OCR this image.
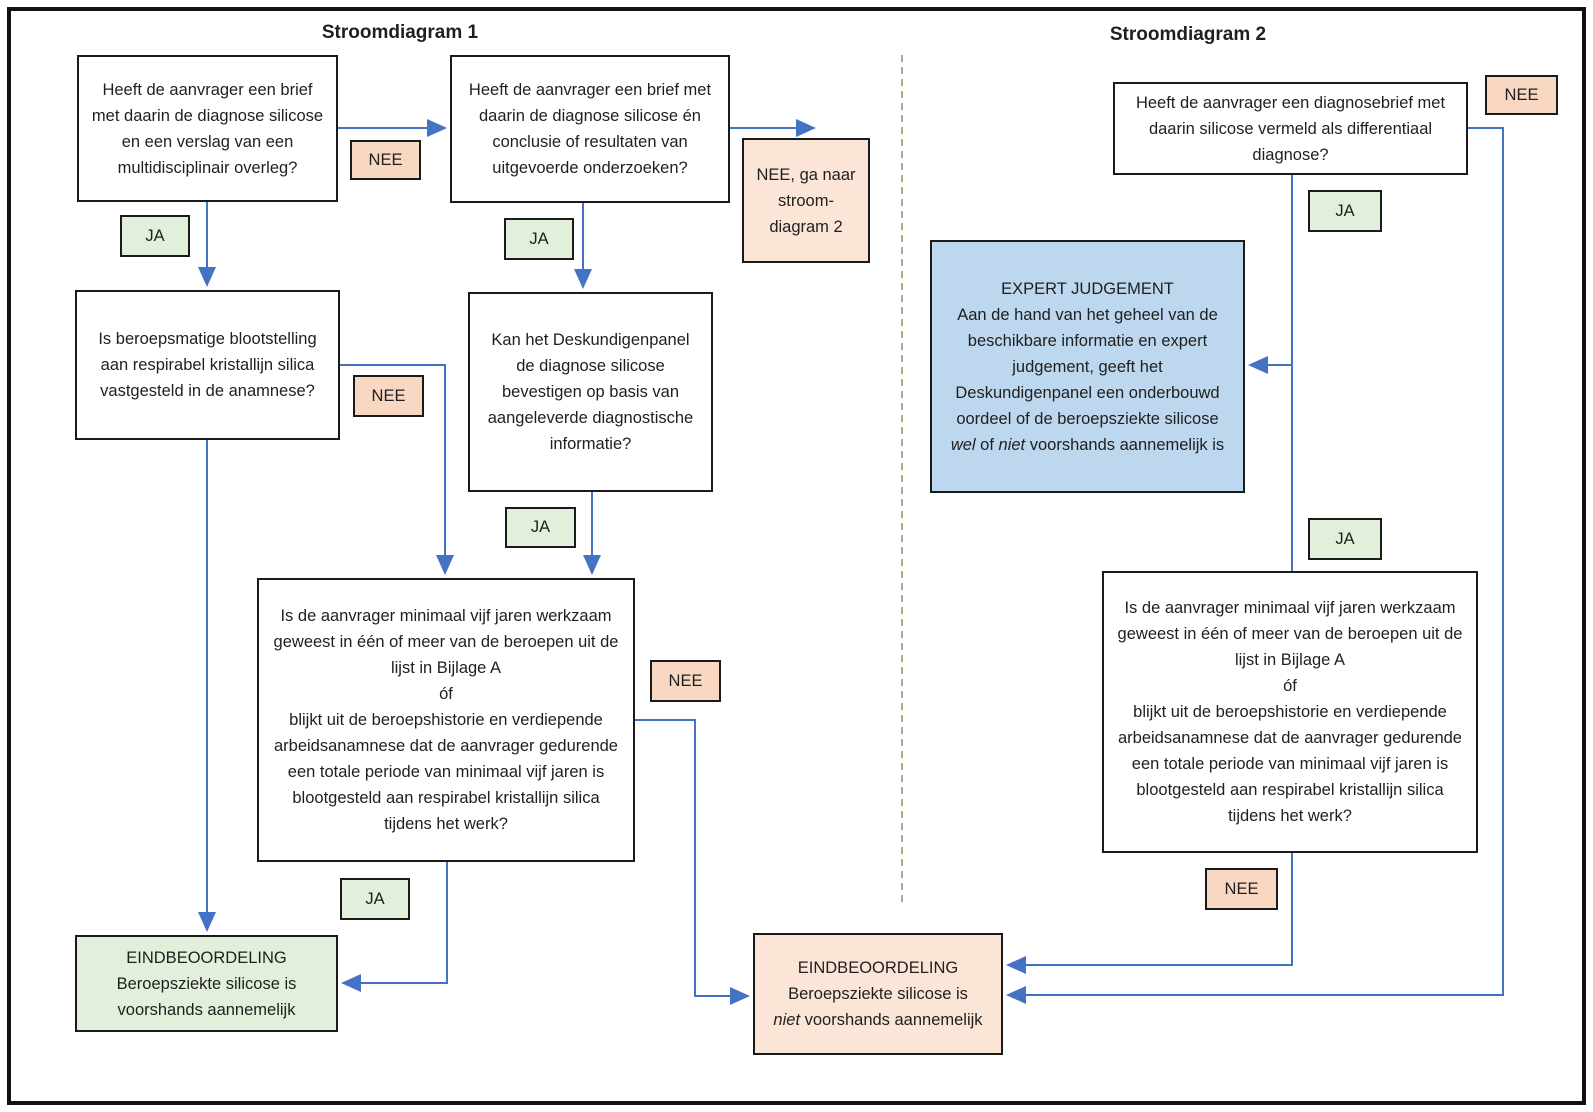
Stroomdiagram 1	Stroomdiagram 2
Heeft de aanvrager een brief met daarin de diagnose silicose en een verslag van een multidisciplinair overleg?
Heeft de aanvrager een brief met daarin de diagnose silicose én conclusie of resultaten van uitgevoerde onderzoeken?	NEE, ga naar stroom-diagram 2
Is beroepsmatige blootstelling aan respirabel kristallijn silica vastgesteld in de anamnese?
Kan het Deskundigenpanel de diagnose silicose bevestigen op basis van aangeleverde diagnostische informatie?
Is de aanvrager minimaal vijf jaren werkzaam geweest in één of meer van de beroepen uit de lijst in Bijlage A
óf
blijkt uit de beroepshistorie en verdiepende arbeidsanamnese dat de aanvrager gedurende een totale periode van minimaal vijf jaren is blootgesteld aan respirabel kristallijn silica tijdens het werk?
EINDBEOORDELING
Beroepsziekte silicose is voorshands aannemelijk
EINDBEOORDELING
Beroepsziekte silicose is
niet voorshands aannemelijk
JA
NEE
JA
NEE
JA
NEE
JA
Heeft de aanvrager een diagnosebrief met daarin silicose vermeld als differentiaal diagnose?
EXPERT JUDGEMENT
Aan de hand van het geheel van de beschikbare informatie en expert judgement, geeft het Deskundigenpanel een onderbouwd oordeel of de beroepsziekte silicose wel of niet voorshands aannemelijk is
Is de aanvrager minimaal vijf jaren werkzaam geweest in één of meer van de beroepen uit de lijst in Bijlage A
óf
blijkt uit de beroepshistorie en verdiepende arbeidsanamnese dat de aanvrager gedurende een totale periode van minimaal vijf jaren is blootgesteld aan respirabel kristallijn silica tijdens het werk?
NEE
JA
JA
NEE
